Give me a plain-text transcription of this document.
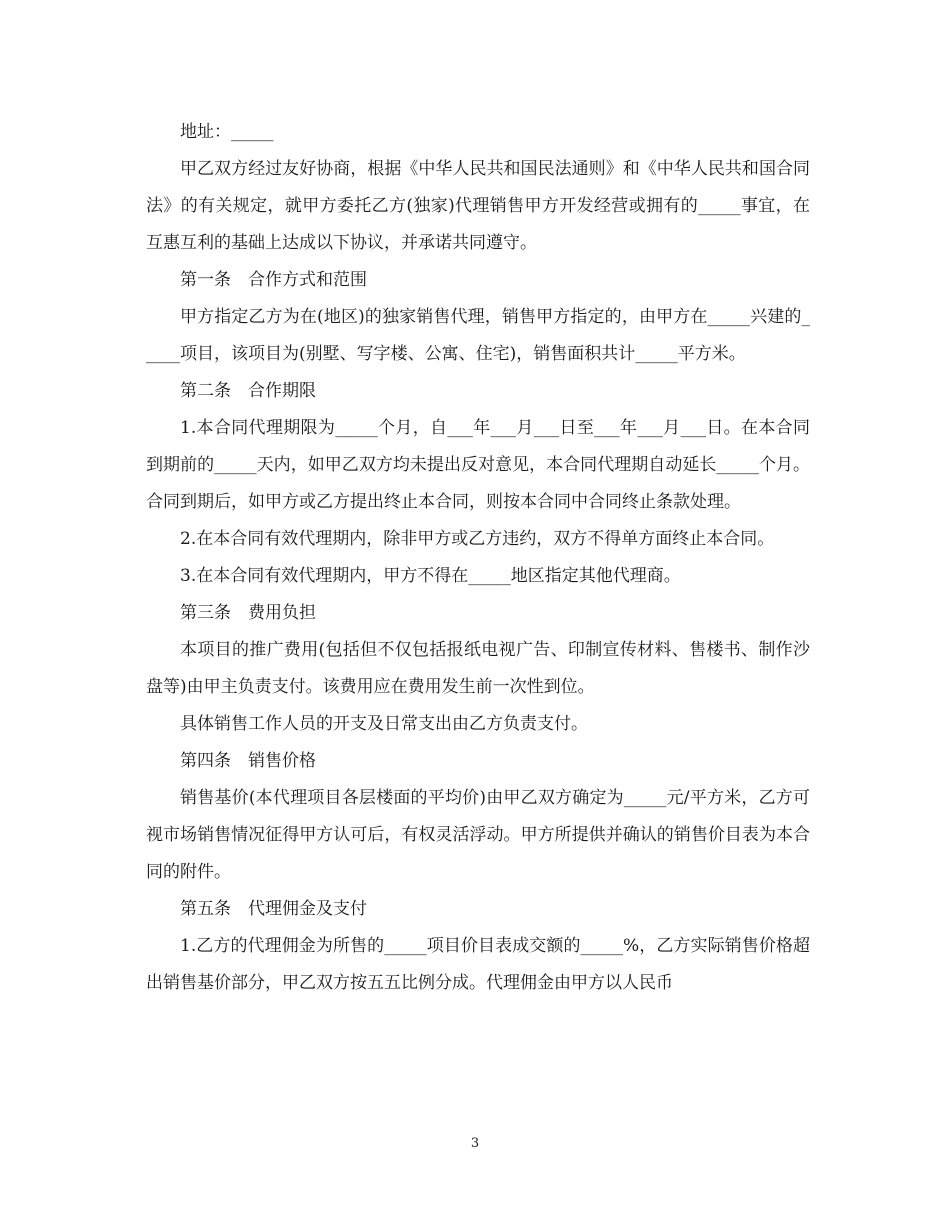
地址：_____

甲乙双方经过友好协商，根据《中华人民共和国民法通则》和《中华人民共和国合同法》的有关规定，就甲方委托乙方(独家)代理销售甲方开发经营或拥有的_____事宜，在互惠互利的基础上达成以下协议，并承诺共同遵守。

第一条　合作方式和范围

甲方指定乙方为在(地区)的独家销售代理，销售甲方指定的，由甲方在_____兴建的_____项目，该项目为(别墅、写字楼、公寓、住宅)，销售面积共计_____平方米。

第二条　合作期限

1.本合同代理期限为_____个月，自___年___月___日至___年___月___日。在本合同到期前的_____天内，如甲乙双方均未提出反对意见，本合同代理期自动延长_____个月。合同到期后，如甲方或乙方提出终止本合同，则按本合同中合同终止条款处理。

2.在本合同有效代理期内，除非甲方或乙方违约，双方不得单方面终止本合同。

3.在本合同有效代理期内，甲方不得在_____地区指定其他代理商。

第三条　费用负担

本项目的推广费用(包括但不仅包括报纸电视广告、印制宣传材料、售楼书、制作沙盘等)由甲主负责支付。该费用应在费用发生前一次性到位。

具体销售工作人员的开支及日常支出由乙方负责支付。

第四条　销售价格

销售基价(本代理项目各层楼面的平均价)由甲乙双方确定为_____元/平方米，乙方可视市场销售情况征得甲方认可后，有权灵活浮动。甲方所提供并确认的销售价目表为本合同的附件。

第五条　代理佣金及支付

1.乙方的代理佣金为所售的_____项目价目表成交额的_____%，乙方实际销售价格超出销售基价部分，甲乙双方按五五比例分成。代理佣金由甲方以人民币

3
